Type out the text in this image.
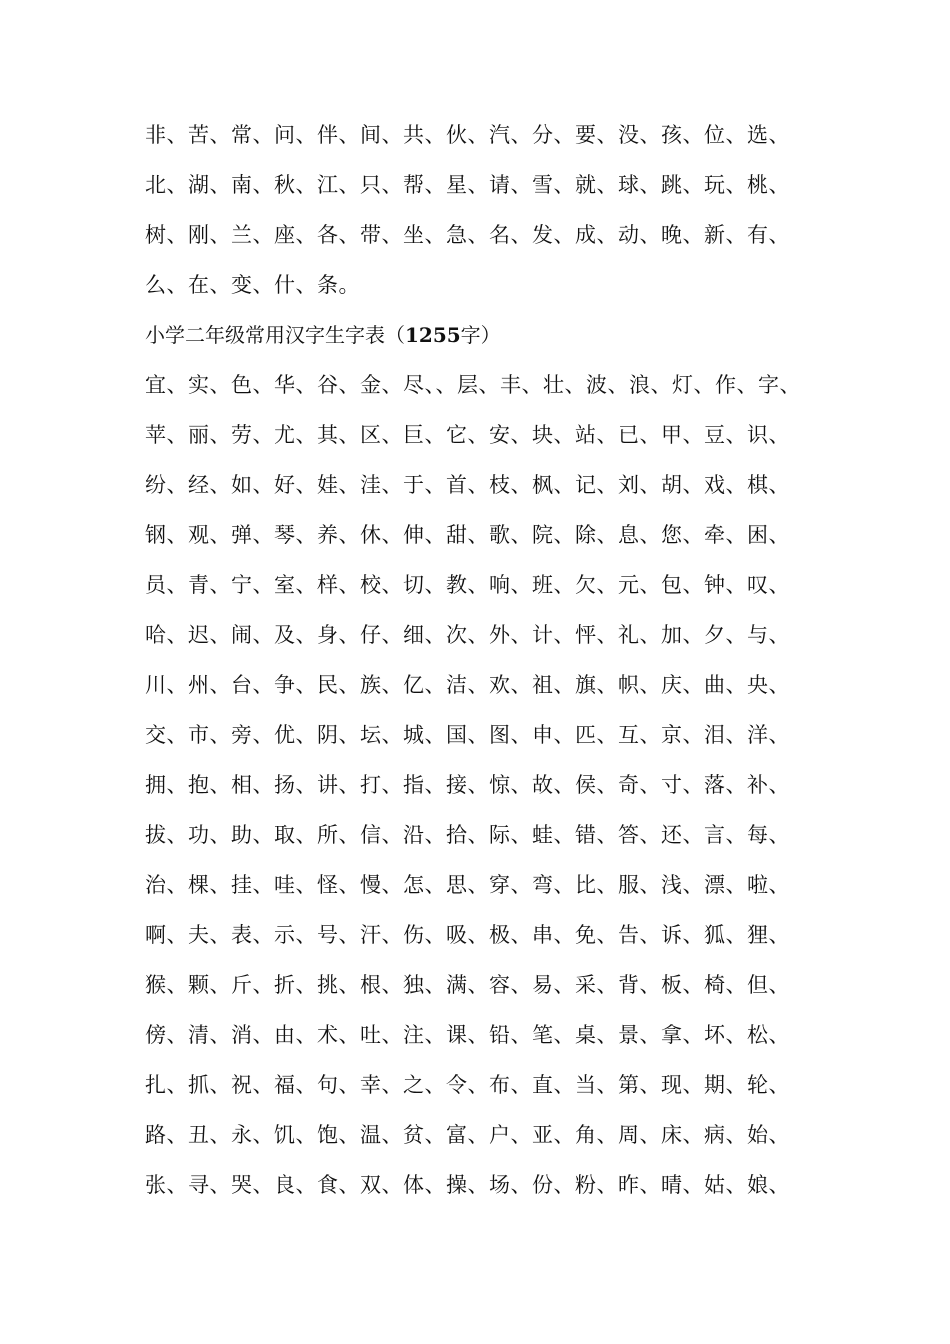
非、苦、常、问、伴、间、共、伙、汽、分、要、没、孩、位、选、
北、湖、南、秋、江、只、帮、星、请、雪、就、球、跳、玩、桃、
树、刚、兰、座、各、带、坐、急、名、发、成、动、晚、新、有、
么、在、变、什、条。
小学二年级常用汉字生字表（1255字）
宜、实、色、华、谷、金、尽、、层、丰、壮、波、浪、灯、作、字、
苹、丽、劳、尤、其、区、巨、它、安、块、站、已、甲、豆、识、
纷、经、如、好、娃、洼、于、首、枝、枫、记、刘、胡、戏、棋、
钢、观、弹、琴、养、休、伸、甜、歌、院、除、息、您、牵、困、
员、青、宁、室、样、校、切、教、响、班、欠、元、包、钟、叹、
哈、迟、闹、及、身、仔、细、次、外、计、怦、礼、加、夕、与、
川、州、台、争、民、族、亿、洁、欢、祖、旗、帜、庆、曲、央、
交、市、旁、优、阴、坛、城、国、图、申、匹、互、京、泪、洋、
拥、抱、相、扬、讲、打、指、接、惊、故、侯、奇、寸、落、补、
拔、功、助、取、所、信、沿、拾、际、蛙、错、答、还、言、每、
治、棵、挂、哇、怪、慢、怎、思、穿、弯、比、服、浅、漂、啦、
啊、夫、表、示、号、汗、伤、吸、极、串、免、告、诉、狐、狸、
猴、颗、斤、折、挑、根、独、满、容、易、采、背、板、椅、但、
傍、清、消、由、术、吐、注、课、铅、笔、桌、景、拿、坏、松、
扎、抓、祝、福、句、幸、之、令、布、直、当、第、现、期、轮、
路、丑、永、饥、饱、温、贫、富、户、亚、角、周、床、病、始、
张、寻、哭、良、食、双、体、操、场、份、粉、昨、晴、姑、娘、
